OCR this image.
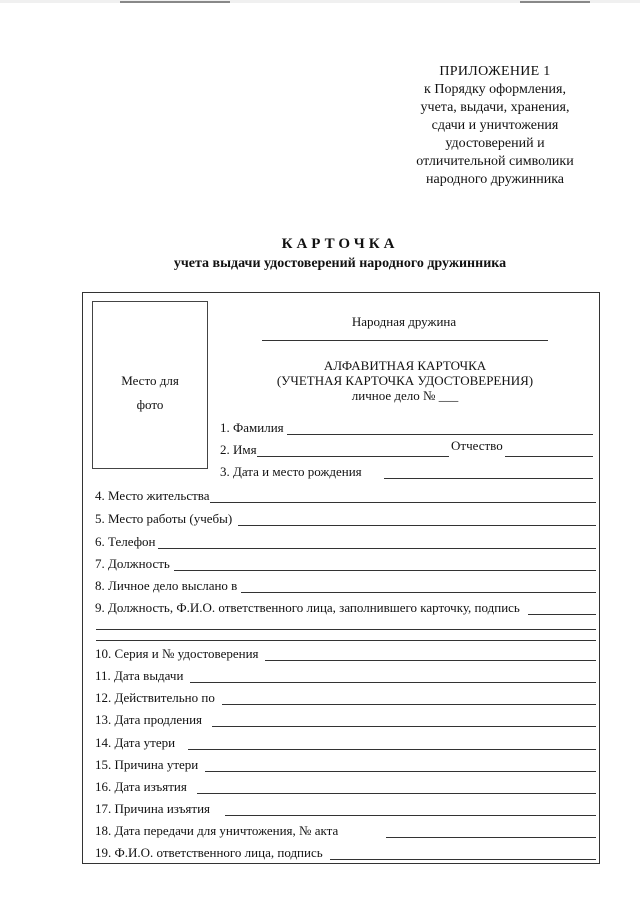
ПРИЛОЖЕНИЕ 1
к Порядку оформления,
учета, выдачи, хранения,
сдачи и уничтожения
удостоверений и
отличительной символики
народного дружинника
КАРТОЧКА
учета выдачи удостоверений народного дружинника
Место для
фото
Народная дружина
АЛФАВИТНАЯ КАРТОЧКА
(УЧЕТНАЯ КАРТОЧКА УДОСТОВЕРЕНИЯ)
личное дело № ___
1. Фамилия
2. Имя	Отчество
3. Дата и место рождения
4. Место жительства
5. Место работы (учебы)
6. Телефон
7. Должность
8. Личное дело выслано в
9. Должность, Ф.И.О. ответственного лица, заполнившего карточку, подпись
10. Серия и № удостоверения
11. Дата выдачи
12. Действительно по
13. Дата продления
14. Дата утери
15. Причина утери
16. Дата изъятия
17. Причина изъятия
18. Дата передачи для уничтожения, № акта
19. Ф.И.О. ответственного лица, подпись
